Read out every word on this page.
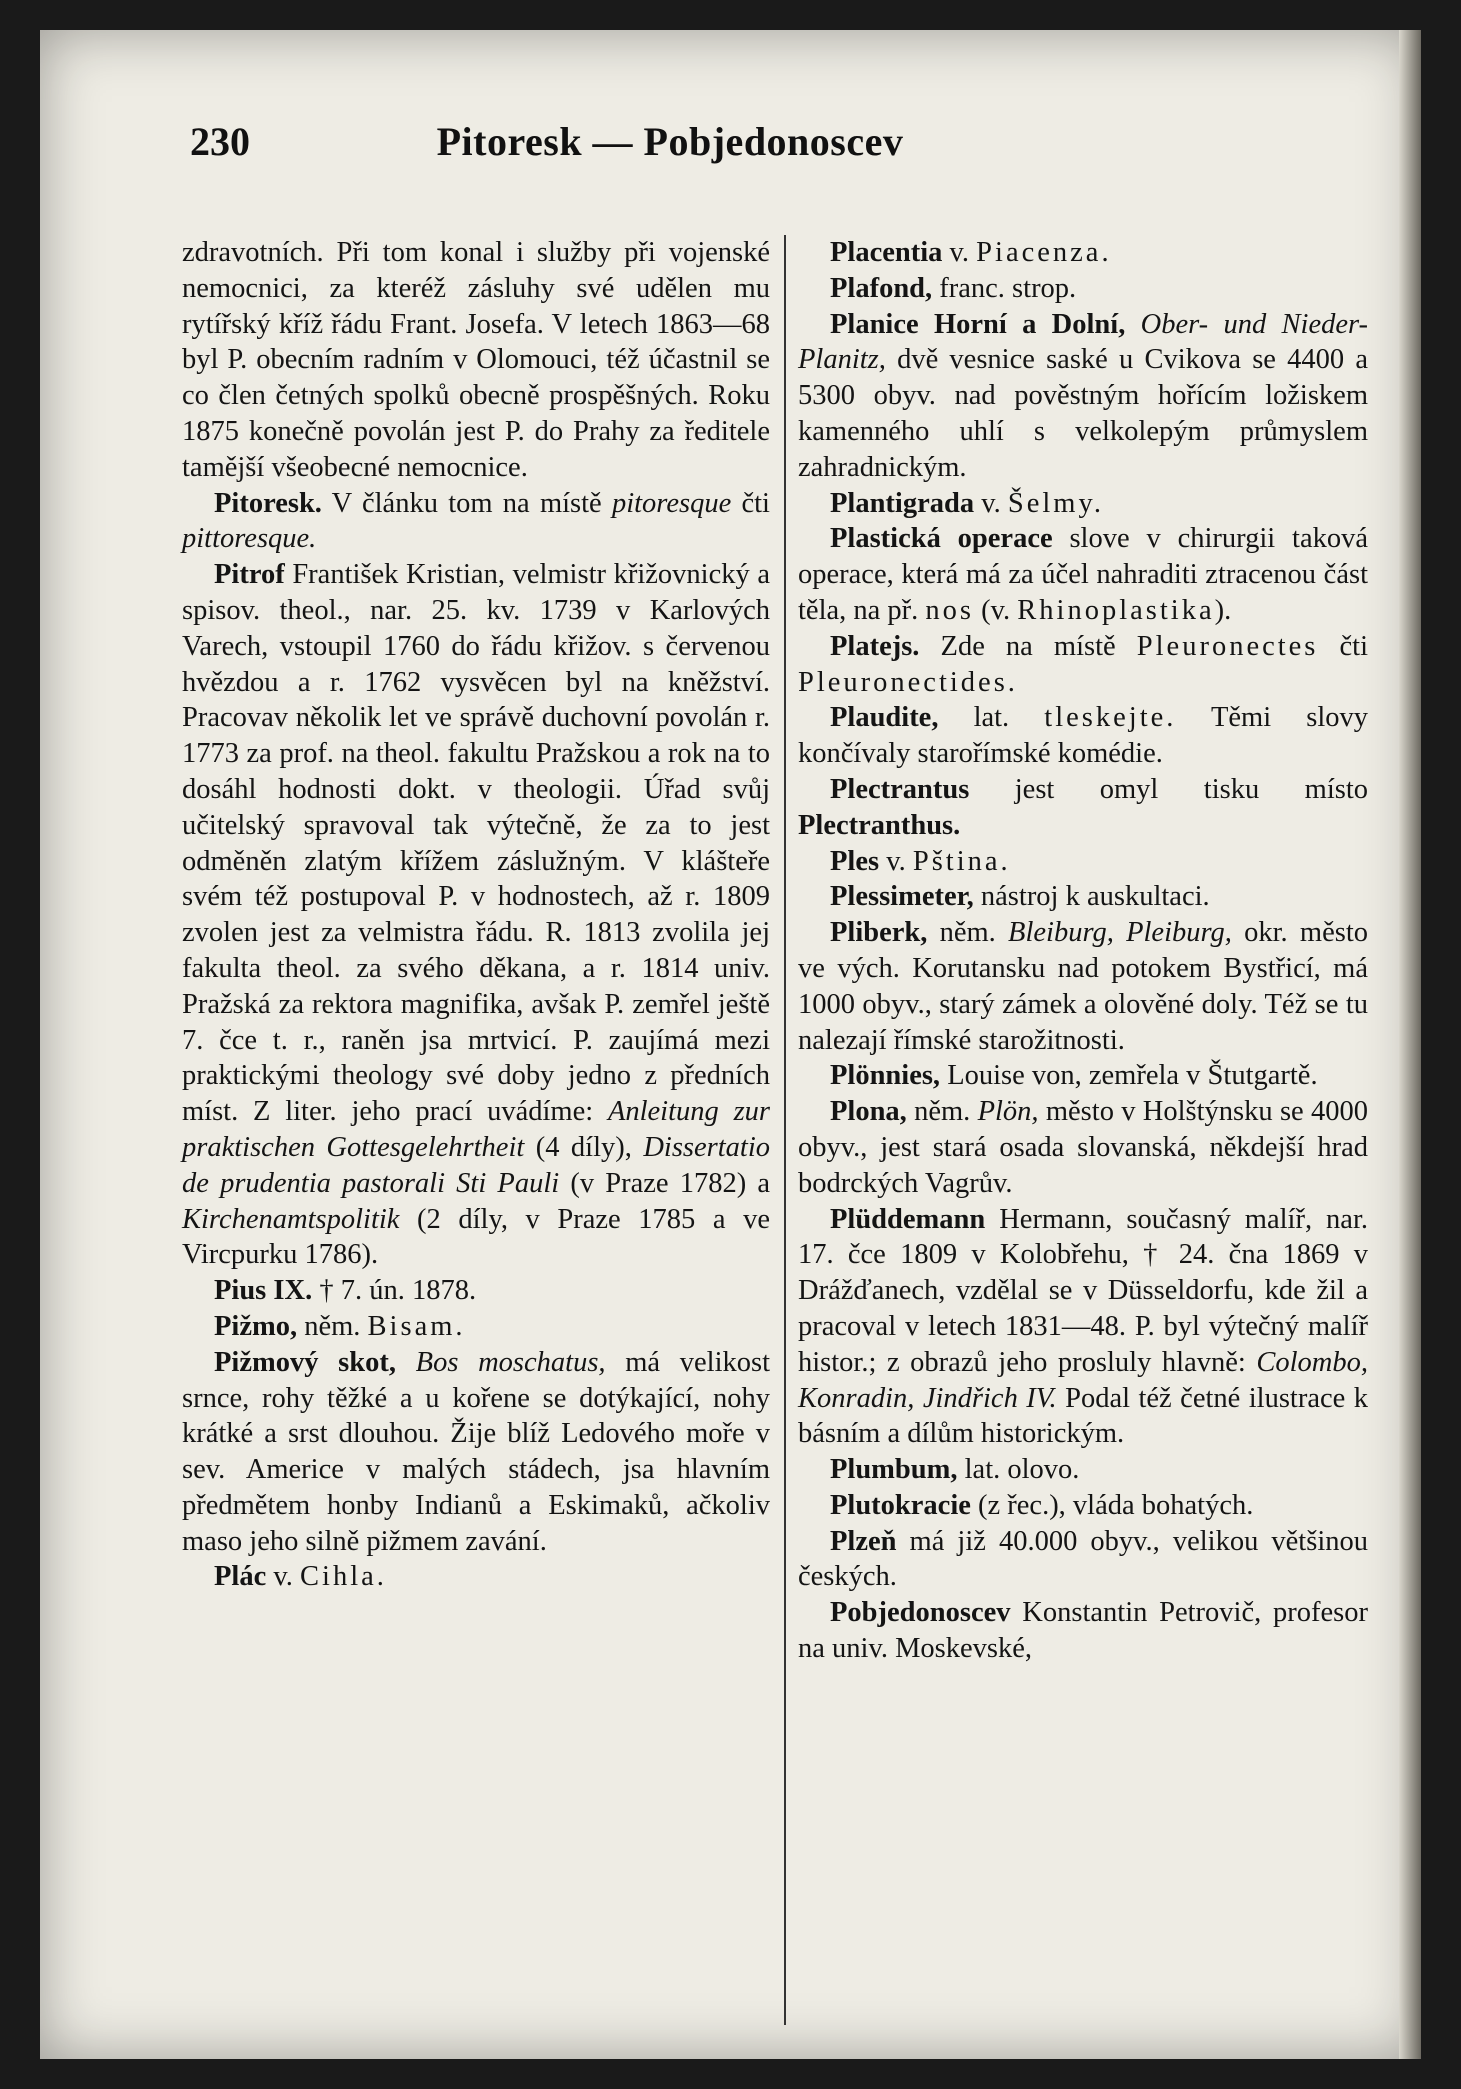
230	Pitoresk — Pobjedonoscev

zdravotních. Při tom konal i služby při vojenské nemocnici, za kteréž zásluhy své udělen mu rytířský kříž řádu Frant. Josefa. V letech 1863—68 byl P. obecním radním v Olomouci, též účastnil se co člen četných spolků obecně prospěšných. Roku 1875 konečně povolán jest P. do Prahy za ředitele tamější všeobecné nemocnice.

Pitoresk. V článku tom na místě pitoresque čti pittoresque.

Pitrof František Kristian, velmistr křižovnický a spisov. theol., nar. 25. kv. 1739 v Karlových Varech, vstoupil 1760 do řádu křižov. s červenou hvězdou a r. 1762 vysvěcen byl na kněžství. Pracovav několik let ve správě duchovní povolán r. 1773 za prof. na theol. fakultu Pražskou a rok na to dosáhl hodnosti dokt. v theologii. Úřad svůj učitelský spravoval tak výtečně, že za to jest odměněn zlatým křížem záslužným. V klášteře svém též postupoval P. v hodnostech, až r. 1809 zvolen jest za velmistra řádu. R. 1813 zvolila jej fakulta theol. za svého děkana, a r. 1814 univ. Pražská za rektora magnifika, avšak P. zemřel ještě 7. čce t. r., raněn jsa mrtvicí. P. zaujímá mezi praktickými theology své doby jedno z předních míst. Z liter. jeho prací uvádíme: Anleitung zur praktischen Gottesgelehrtheit (4 díly), Dissertatio de prudentia pastorali Sti Pauli (v Praze 1782) a Kirchenamtspolitik (2 díly, v Praze 1785 a ve Vircpurku 1786).

Pius IX. † 7. ún. 1878.

Pižmo, něm. Bisam.

Pižmový skot, Bos moschatus, má velikost srnce, rohy těžké a u kořene se dotýkající, nohy krátké a srst dlouhou. Žije blíž Ledového moře v sev. Americe v malých stádech, jsa hlavním předmětem honby Indianů a Eskimaků, ačkoliv maso jeho silně pižmem zavání.

Plác v. Cihla.

Placentia v. Piacenza.

Plafond, franc. strop.

Planice Horní a Dolní, Ober- und Nieder-Planitz, dvě vesnice saské u Cvikova se 4400 a 5300 obyv. nad pověstným hořícím ložiskem kamenného uhlí s velkolepým průmyslem zahradnickým.

Plantigrada v. Šelmy.

Plastická operace slove v chirurgii taková operace, která má za účel nahraditi ztracenou část těla, na př. nos (v. Rhinoplastika).

Platejs. Zde na místě Pleuronectes čti Pleuronectides.

Plaudite, lat. tleskejte. Těmi slovy končívaly starořímské komédie.

Plectrantus jest omyl tisku místo Plectranthus.

Ples v. Pština.

Plessimeter, nástroj k auskultaci.

Pliberk, něm. Bleiburg, Pleiburg, okr. město ve vých. Korutansku nad potokem Bystřicí, má 1000 obyv., starý zámek a olověné doly. Též se tu nalezají římské starožitnosti.

Plönnies, Louise von, zemřela v Štutgartě.

Plona, něm. Plön, město v Holštýnsku se 4000 obyv., jest stará osada slovanská, někdejší hrad bodrckých Vagrův.

Plüddemann Hermann, současný malíř, nar. 17. čce 1809 v Kolobřehu, † 24. čna 1869 v Drážďanech, vzdělal se v Düsseldorfu, kde žil a pracoval v letech 1831—48. P. byl výtečný malíř histor.; z obrazů jeho prosluly hlavně: Colombo, Konradin, Jindřich IV. Podal též četné ilustrace k básním a dílům historickým.

Plumbum, lat. olovo.

Plutokracie (z řec.), vláda bohatých.

Plzeň má již 40.000 obyv., velikou většinou českých.

Pobjedonoscev Konstantin Petrovič, profesor na univ. Moskevské,
